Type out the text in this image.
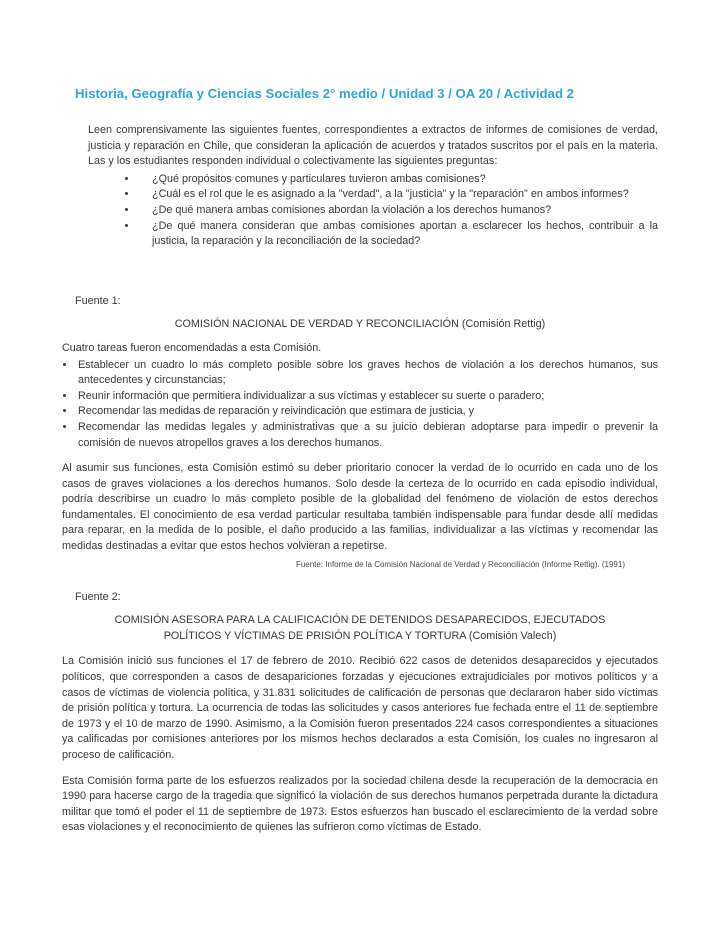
Historia, Geografía y Ciencias Sociales 2° medio / Unidad 3 / OA 20 / Actividad 2

Leen comprensivamente las siguientes fuentes, correspondientes a extractos de informes de comisiones de verdad, justicia y reparación en Chile, que consideran la aplicación de acuerdos y tratados suscritos por el país en la materia. Las y los estudiantes responden individual o colectivamente las siguientes preguntas:

• ¿Qué propósitos comunes y particulares tuvieron ambas comisiones?
• ¿Cuál es el rol que le es asignado a la "verdad", a la "justicia" y la "reparación" en ambos informes?
• ¿De qué manera ambas comisiones abordan la violación a los derechos humanos?
• ¿De qué manera consideran que ambas comisiones aportan a esclarecer los hechos, contribuir a la justicia, la reparación y la reconciliación de la sociedad?

Fuente 1:

COMISIÓN NACIONAL DE VERDAD Y RECONCILIACIÓN (Comisión Rettig)

Cuatro tareas fueron encomendadas a esta Comisión.

• Establecer un cuadro lo más completo posible sobre los graves hechos de violación a los derechos humanos, sus antecedentes y circunstancias;
• Reunir información que permitiera individualizar a sus víctimas y establecer su suerte o paradero;
• Recomendar las medidas de reparación y reivindicación que estimara de justicia, y
• Recomendar las medidas legales y administrativas que a su juicio debieran adoptarse para impedir o prevenir la comisión de nuevos atropellos graves a los derechos humanos.

Al asumir sus funciones, esta Comisión estimó su deber prioritario conocer la verdad de lo ocurrido en cada uno de los casos de graves violaciones a los derechos humanos. Solo desde la certeza de lo ocurrido en cada episodio individual, podría describirse un cuadro lo más completo posible de la globalidad del fenómeno de violación de estos derechos fundamentales. El conocimiento de esa verdad particular resultaba también indispensable para fundar desde allí medidas para reparar, en la medida de lo posible, el daño producido a las familias, individualizar a las víctimas y recomendar las medidas destinadas a evitar que estos hechos volvieran a repetirse.

Fuente: Informe de la Comisión Nacional de Verdad y Reconciliación (Informe Rettig). (1991)

Fuente 2:

COMISIÓN ASESORA PARA LA CALIFICACIÓN DE DETENIDOS DESAPARECIDOS, EJECUTADOS POLÍTICOS Y VÍCTIMAS DE PRISIÓN POLÍTICA Y TORTURA (Comisión Valech)

La Comisión inició sus funciones el 17 de febrero de 2010. Recibió 622 casos de detenidos desaparecidos y ejecutados políticos, que corresponden a casos de desapariciones forzadas y ejecuciones extrajudiciales por motivos políticos y a casos de víctimas de violencia política, y 31.831 solicitudes de calificación de personas que declararon haber sido víctimas de prisión política y tortura. La ocurrencia de todas las solicitudes y casos anteriores fue fechada entre el 11 de septiembre de 1973 y el 10 de marzo de 1990. Asimismo, a la Comisión fueron presentados 224 casos correspondientes a situaciones ya calificadas por comisiones anteriores por los mismos hechos declarados a esta Comisión, los cuales no ingresaron al proceso de calificación.

Esta Comisión forma parte de los esfuerzos realizados por la sociedad chilena desde la recuperación de la democracia en 1990 para hacerse cargo de la tragedia que significó la violación de sus derechos humanos perpetrada durante la dictadura militar que tomó el poder el 11 de septiembre de 1973. Estos esfuerzos han buscado el esclarecimiento de la verdad sobre esas violaciones y el reconocimiento de quienes las sufrieron como víctimas de Estado.
